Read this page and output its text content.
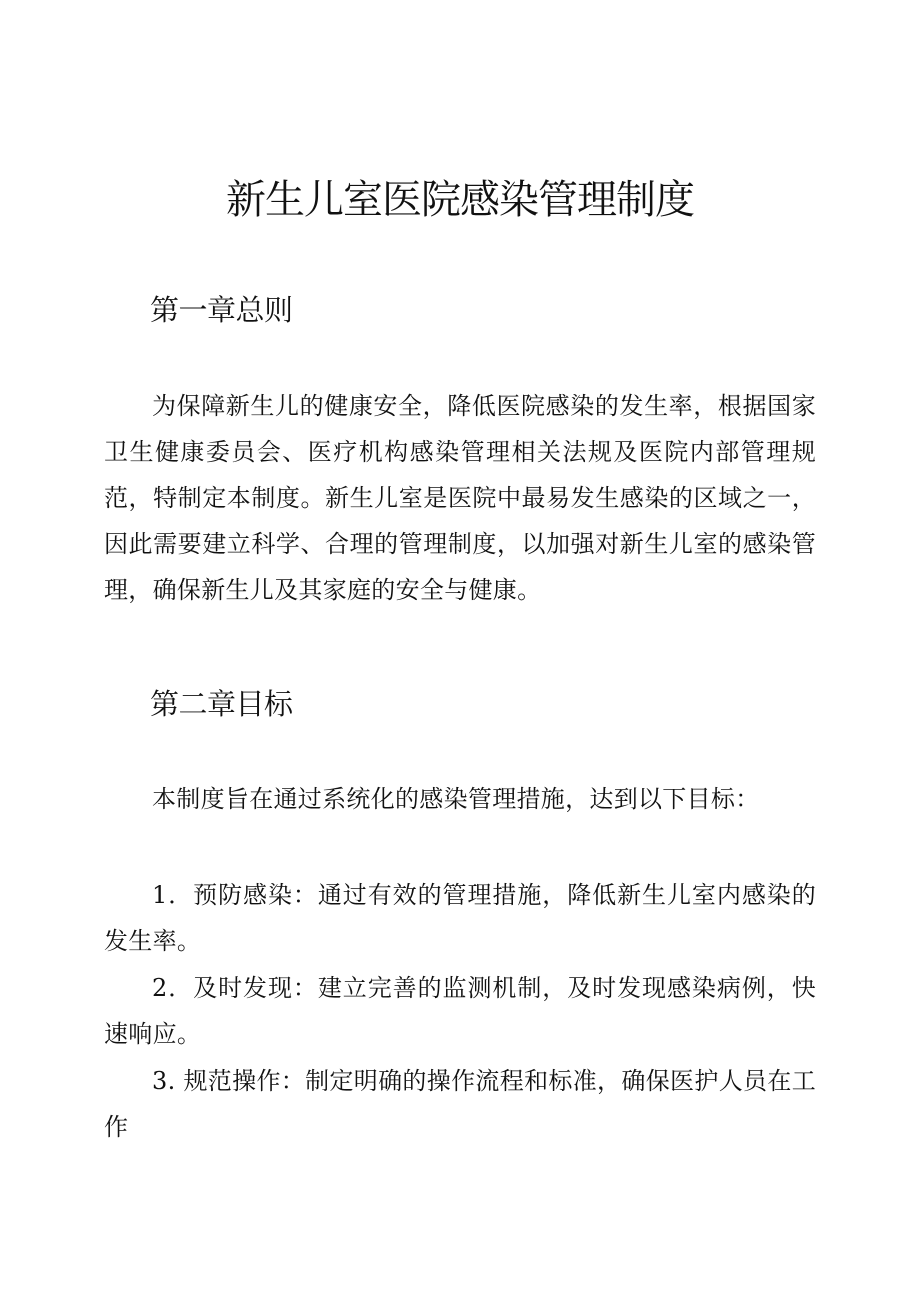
新生儿室医院感染管理制度
第一章总则

为保障新生儿的健康安全，降低医院感染的发生率，根据国家卫生健康委员会、医疗机构感染管理相关法规及医院内部管理规范，特制定本制度。新生儿室是医院中最易发生感染的区域之一，因此需要建立科学、合理的管理制度，以加强对新生儿室的感染管理，确保新生儿及其家庭的安全与健康。

第二章目标

本制度旨在通过系统化的感染管理措施，达到以下目标：

1．预防感染：通过有效的管理措施，降低新生儿室内感染的发生率。

2．及时发现：建立完善的监测机制，及时发现感染病例，快速响应。

3. 规范操作：制定明确的操作流程和标准，确保医护人员在工作
